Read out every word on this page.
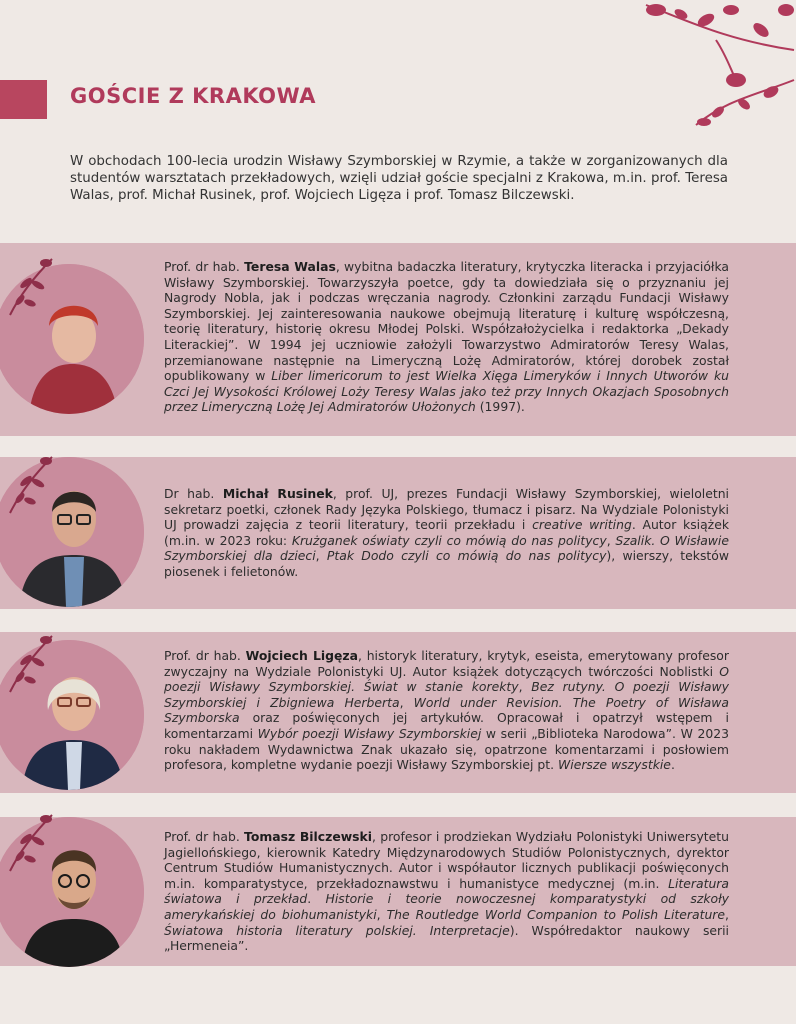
GOŚCIE Z KRAKOWA

W obchodach 100-lecia urodzin Wisławy Szymborskiej w Rzymie, a także w zorganizowanych dla studentów warsztatach przekładowych, wzięli udział goście specjalni z Krakowa, m.in. prof. Teresa Walas, prof. Michał Rusinek, prof. Wojciech Ligęza i prof. Tomasz Bilczewski.

Prof. dr hab. Teresa Walas, wybitna badaczka literatury, krytyczka literacka i przyjaciółka Wisławy Szymborskiej. Towarzyszyła poetce, gdy ta dowiedziała się o przyznaniu jej Nagrody Nobla, jak i podczas wręczania nagrody. Członkini zarządu Fundacji Wisławy Szymborskiej. Jej zainteresowania naukowe obejmują literaturę i kulturę współczesną, teorię literatury, historię okresu Młodej Polski. Współzałożycielka i redaktorka „Dekady Literackiej”. W 1994 jej uczniowie założyli Towarzystwo Admiratorów Teresy Walas, przemianowane następnie na Limeryczną Lożę Admiratorów, której dorobek został opublikowany w Liber limericorum to jest Wielka Xięga Limeryków i Innych Utworów ku Czci Jej Wysokości Królowej Loży Teresy Walas jako też przy Innych Okazjach Sposobnych przez Limeryczną Lożę Jej Admiratorów Ułożonych (1997).

Dr hab. Michał Rusinek, prof. UJ, prezes Fundacji Wisławy Szymborskiej, wieloletni sekretarz poetki, członek Rady Języka Polskiego, tłumacz i pisarz. Na Wydziale Polonistyki UJ prowadzi zajęcia z teorii literatury, teorii przekładu i creative writing. Autor książek (m.in. w 2023 roku: Krużganek oświaty czyli co mówią do nas politycy, Szalik. O Wisławie Szymborskiej dla dzieci, Ptak Dodo czyli co mówią do nas politycy), wierszy, tekstów piosenek i felietonów.

Prof. dr hab. Wojciech Ligęza, historyk literatury, krytyk, eseista, emerytowany profesor zwyczajny na Wydziale Polonistyki UJ. Autor książek dotyczących twórczości Noblistki O poezji Wisławy Szymborskiej. Świat w stanie korekty, Bez rutyny. O poezji Wisławy Szymborskiej i Zbigniewa Herberta, World under Revision. The Poetry of Wisława Szymborska oraz poświęconych jej artykułów. Opracował i opatrzył wstępem i komentarzami Wybór poezji Wisławy Szymborskiej w serii „Biblioteka Narodowa”. W 2023 roku nakładem Wydawnictwa Znak ukazało się, opatrzone komentarzami i posłowiem profesora, kompletne wydanie poezji Wisławy Szymborskiej pt. Wiersze wszystkie.

Prof. dr hab. Tomasz Bilczewski, profesor i prodziekan Wydziału Polonistyki Uniwersytetu Jagiellońskiego, kierownik Katedry Międzynarodowych Studiów Polonistycznych, dyrektor Centrum Studiów Humanistycznych. Autor i współautor licznych publikacji poświęconych m.in. komparatystyce, przekładoznawstwu i humanistyce medycznej (m.in. Literatura światowa i przekład. Historie i teorie nowoczesnej komparatystyki od szkoły amerykańskiej do biohumanistyki, The Routledge World Companion to Polish Literature, Światowa historia literatury polskiej. Interpretacje). Współredaktor naukowy serii „Hermeneia”.
